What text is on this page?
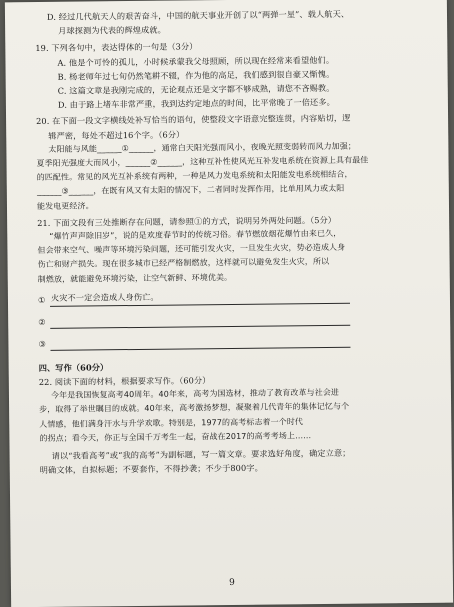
D. 经过几代航天人的艰苦奋斗，中国的航天事业开创了以“两弹一星”、载人航天、
月球探测为代表的辉煌成就。
19. 下列各句中，表达得体的一句是（3分）
A. 他是个可怜的孤儿，小时候承蒙我父母照顾，所以现在经常来看望他们。
B. 杨老师年过七旬仍然笔耕不辍，作为他的高足，我们感到很自豪又惭愧。
C. 这篇文章是我刚完成的，无论观点还是文字都不够成熟，请您不吝赐教。
D. 由于路上堵车非常严重，我到达约定地点的时间，比平常晚了一倍还多。
20. 在下面一段文字横线处补写恰当的语句，使整段文字语意完整连贯，内容贴切，逻
辑严密，每处不超过16个字。（6分）
太阳能与风能______①______，通常白天阳光强而风小，夜晚光照变弱转而风力加强；
夏季阳光强度大而风小，______②______，这种互补性使风光互补发电系统在资源上具有最佳
的匹配性。常见的风光互补系统有两种，一种是风力发电系统和太阳能发电系统相结合，
______③______，在既有风又有太阳的情况下，二者同时发挥作用，比单用风力或太阳
能发电更经济。
21. 下面文段有三处推断存在问题，请参照①的方式，说明另外两处问题。（5分）
“爆竹声声除旧岁”，说的是欢度春节时的传统习俗。春节燃放烟花爆竹由来已久，
但会带来空气、噪声等环境污染问题，还可能引发火灾，一旦发生火灾，势必造成人身
伤亡和财产损失。现在很多城市已经严格制燃放，这样就可以避免发生火灾，所以
制燃放，就能避免环境污染，让空气新鲜、环境优美。
① 火灾不一定会造成人身伤亡。
②
③
四、写作（60分）
22. 阅读下面的材料，根据要求写作。（60分）
今年是我国恢复高考40周年。40年来，高考为国选材，推动了教育改革与社会进
步，取得了举世瞩目的成就。40年来，高考激扬梦想，凝聚着几代青年的集体记忆与个
人情感，他们满身汗水与升学欢歌。特别是，1977的高考标志着一个时代
的拐点；看今天，你正与全国千万考生一起，奋战在2017的高考考场上……
请以“我看高考”或“我的高考”为副标题，写一篇文章。要求选好角度，确定立意；
明确文体，自拟标题；不要套作，不得抄袭；不少于800字。
9
